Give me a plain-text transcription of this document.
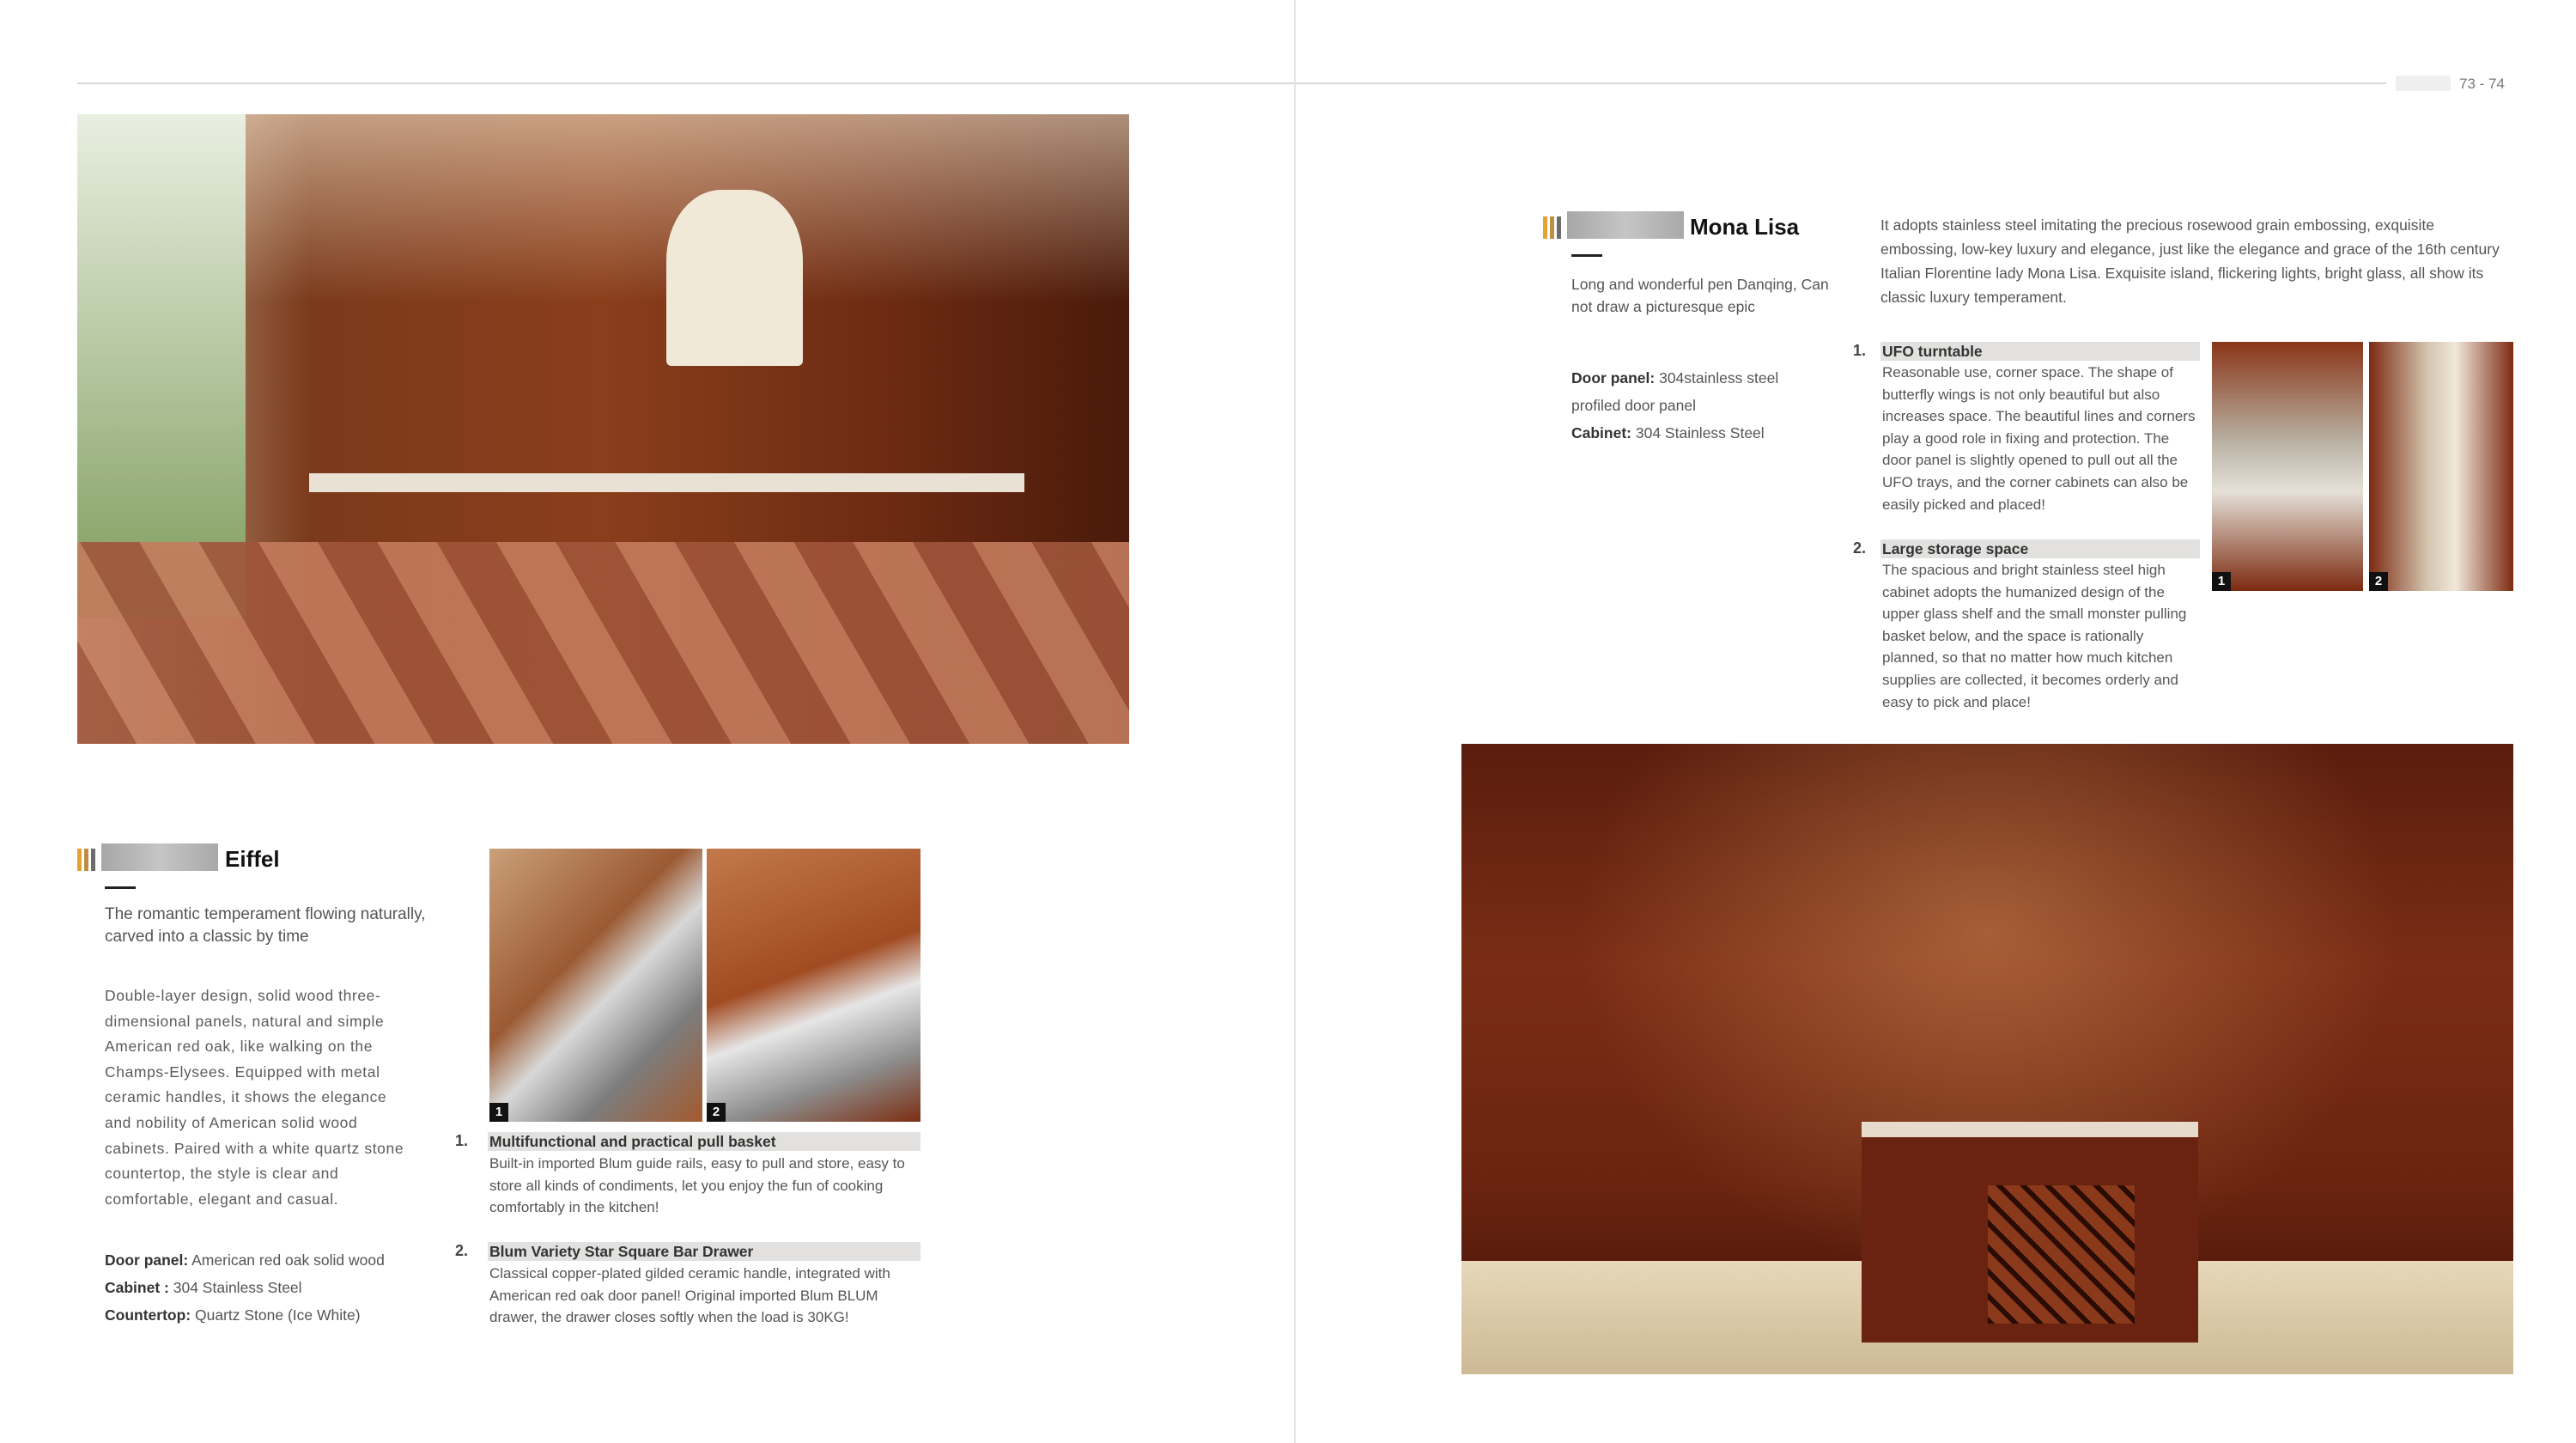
73 - 74
Eiffel
The romantic temperament flowing naturally, carved into a classic by time
Double-layer design, solid wood three-dimensional panels, natural and simple American red oak, like walking on the Champs-Elysees. Equipped with metal ceramic handles, it shows the elegance and nobility of American solid wood cabinets. Paired with a white quartz stone countertop, the style is clear and comfortable, elegant and casual.
Door panel: American red oak solid wood
Cabinet : 304 Stainless Steel
Countertop: Quartz Stone (Ice White)
1	2
1. Multifunctional and practical pull basket
Built-in imported Blum guide rails, easy to pull and store, easy to store all kinds of condiments, let you enjoy the fun of cooking comfortably in the kitchen!
2. Blum Variety Star Square Bar Drawer
Classical copper-plated gilded ceramic handle, integrated with American red oak door panel! Original imported Blum BLUM drawer, the drawer closes softly when the load is 30KG!
Mona Lisa
Long and wonderful pen Danqing, Can not draw a picturesque epic
Door panel: 304stainless steel profiled door panel
Cabinet: 304 Stainless Steel
It adopts stainless steel imitating the precious rosewood grain embossing, exquisite embossing, low-key luxury and elegance, just like the elegance and grace of the 16th century Italian Florentine lady Mona Lisa. Exquisite island, flickering lights, bright glass, all show its classic luxury temperament.
1. UFO turntable
Reasonable use, corner space. The shape of butterfly wings is not only beautiful but also increases space. The beautiful lines and corners play a good role in fixing and protection. The door panel is slightly opened to pull out all the UFO trays, and the corner cabinets can also be easily picked and placed!
2. Large storage space
The spacious and bright stainless steel high cabinet adopts the humanized design of the upper glass shelf and the small monster pulling basket below, and the space is rationally planned, so that no matter how much kitchen supplies are collected, it becomes orderly and easy to pick and place!
1	2
